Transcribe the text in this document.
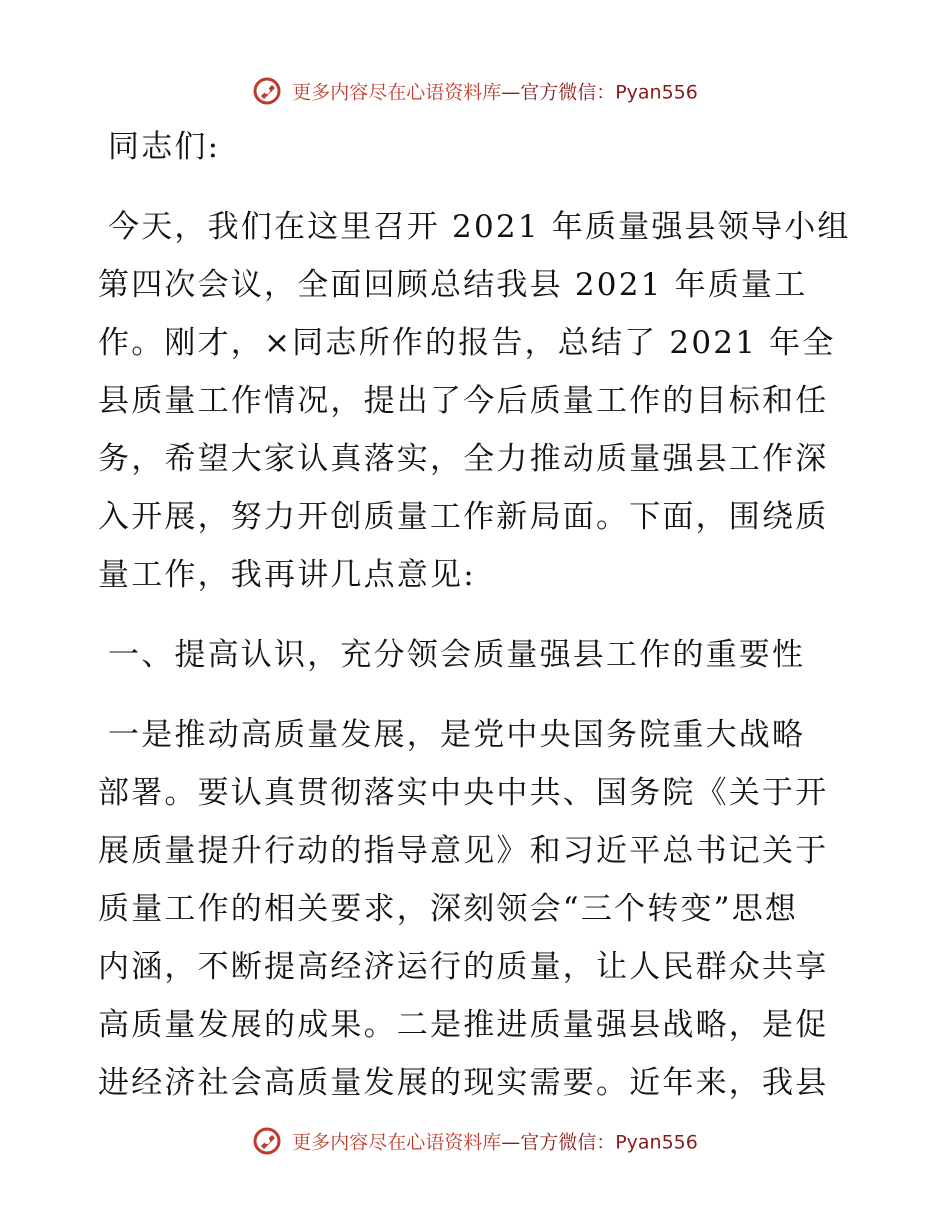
更多内容尽在心语资料库—官方微信：Pyan556
同志们:
今天，我们在这里召开 2021 年质量强县领导小组
第四次会议，全面回顾总结我县 2021 年质量工
作。刚才，×同志所作的报告，总结了 2021 年全
县质量工作情况，提出了今后质量工作的目标和任
务，希望大家认真落实，全力推动质量强县工作深
入开展，努力开创质量工作新局面。下面，围绕质
量工作，我再讲几点意见:
一、提高认识，充分领会质量强县工作的重要性
一是推动高质量发展，是党中央国务院重大战略
部署。要认真贯彻落实中央中共、国务院《关于开
展质量提升行动的指导意见》和习近平总书记关于
质量工作的相关要求，深刻领会“三个转变”思想
内涵，不断提高经济运行的质量，让人民群众共享
高质量发展的成果。二是推进质量强县战略，是促
进经济社会高质量发展的现实需要。近年来，我县
更多内容尽在心语资料库—官方微信：Pyan556
